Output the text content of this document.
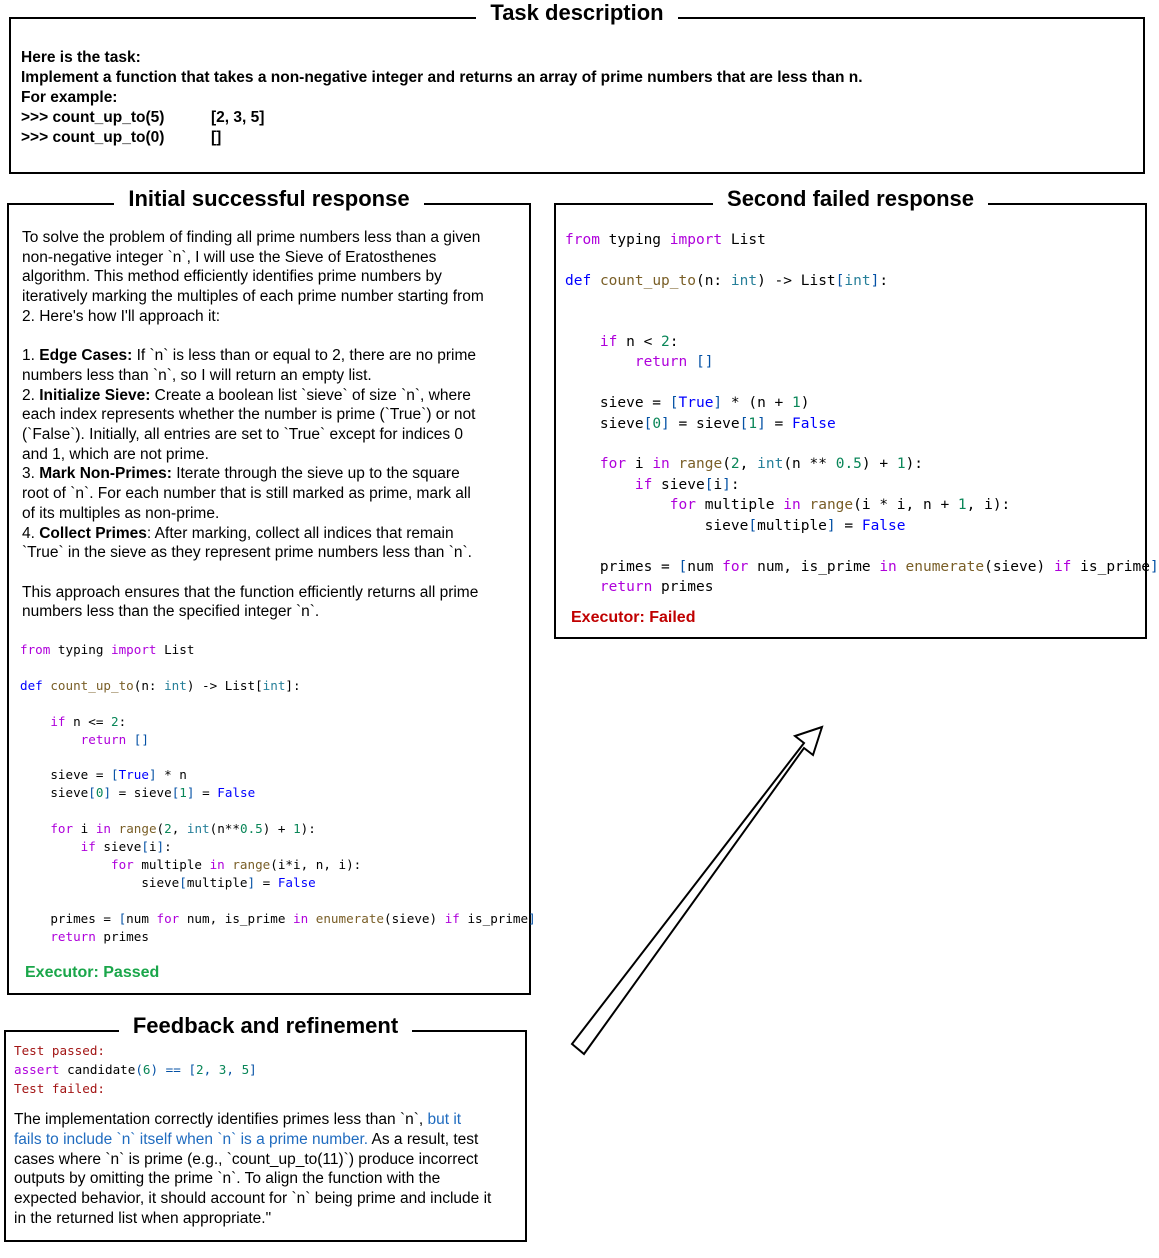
Task description
Here is the task:
Implement a function that takes a non-negative integer and returns an array of prime numbers that are less than n.
For example:
>>> count_up_to(5)	[2, 3, 5]
>>> count_up_to(0)	[]
Initial successful response
To solve the problem of finding all prime numbers less than a given
non-negative integer `n`, I will use the Sieve of Eratosthenes
algorithm. This method efficiently identifies prime numbers by
iteratively marking the multiples of each prime number starting from
2. Here's how I'll approach it:
1. Edge Cases: If `n` is less than or equal to 2, there are no prime
numbers less than `n`, so I will return an empty list.
2. Initialize Sieve: Create a boolean list `sieve` of size `n`, where
each index represents whether the number is prime (`True`) or not
(`False`). Initially, all entries are set to `True` except for indices 0
and 1, which are not prime.
3. Mark Non-Primes: Iterate through the sieve up to the square
root of `n`. For each number that is still marked as prime, mark all
of its multiples as non-prime.
4. Collect Primes: After marking, collect all indices that remain
`True` in the sieve as they represent prime numbers less than `n`.
This approach ensures that the function efficiently returns all prime
numbers less than the specified integer `n`.
from typing import List

def count_up_to(n: int) -> List[int]:

if n <= 2:
return []

sieve = [True] * n
sieve[0] = sieve[1] = False

for i in range(2, int(n**0.5) + 1):
if sieve[i]:
for multiple in range(i*i, n, i):
sieve[multiple] = False

primes = [num for num, is_prime in enumerate(sieve) if is_prime]
return primes
Executor: Passed
Second failed response
from typing import List

def count_up_to(n: int) -> List[int]:

if n < 2:
return []

sieve = [True] * (n + 1)
sieve[0] = sieve[1] = False

for i in range(2, int(n ** 0.5) + 1):
if sieve[i]:
for multiple in range(i * i, n + 1, i):
sieve[multiple] = False

primes = [num for num, is_prime in enumerate(sieve) if is_prime]
return primes
Executor: Failed
Feedback and refinement
Test passed:
assert candidate(6) == [2, 3, 5]
Test failed:
The implementation correctly identifies primes less than `n`, but it
fails to include `n` itself when `n` is a prime number. As a result, test
cases where `n` is prime (e.g., `count_up_to(11)`) produce incorrect
outputs by omitting the prime `n`. To align the function with the
expected behavior, it should account for `n` being prime and include it
in the returned list when appropriate."
